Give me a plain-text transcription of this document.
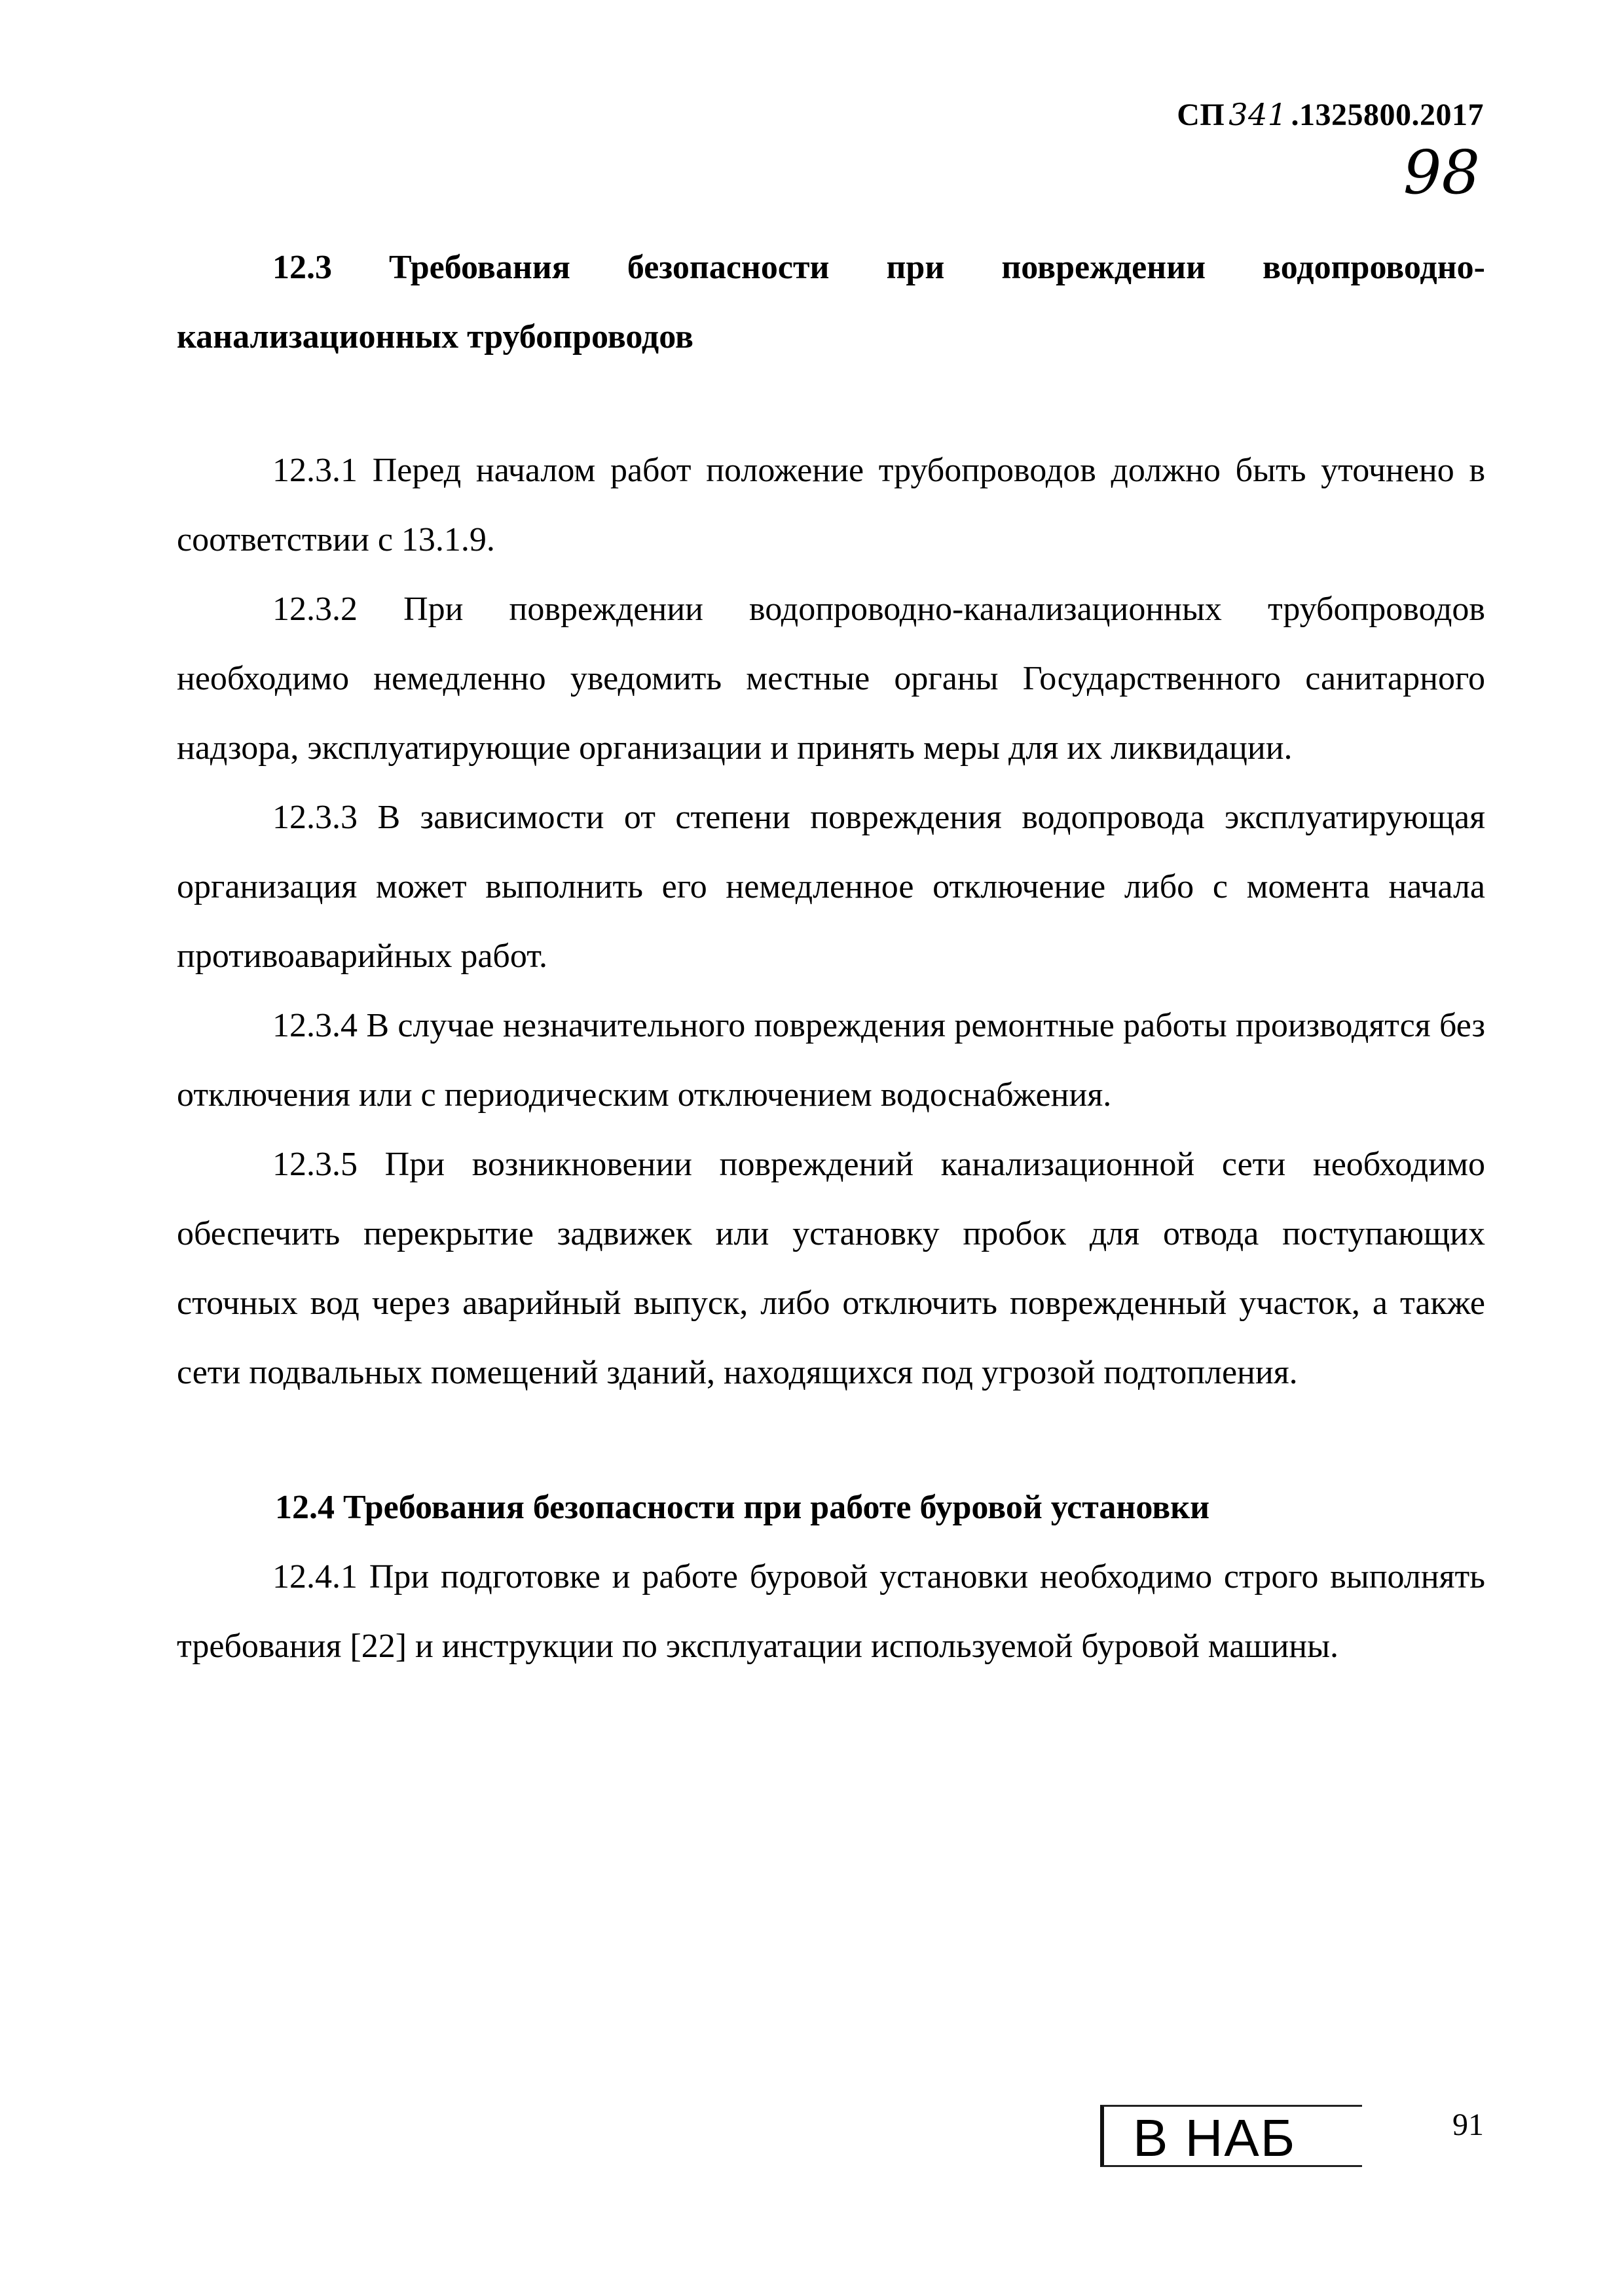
СП 341 .1325800.2017
98
12.3 Требования безопасности при повреждении водопроводно-канализационных трубопроводов

12.3.1 Перед началом работ положение трубопроводов должно быть уточнено в соответствии с 13.1.9.

12.3.2 При повреждении водопроводно-канализационных трубопроводов необходимо немедленно уведомить местные органы Государственного санитарного надзора, эксплуатирующие организации и принять меры для их ликвидации.

12.3.3 В зависимости от степени повреждения водопровода эксплуатирующая организация может выполнить его немедленное отключение либо с момента начала противоаварийных работ.

12.3.4 В случае незначительного повреждения ремонтные работы производятся без отключения или с периодическим отключением водоснабжения.

12.3.5 При возникновении повреждений канализационной сети необходимо обеспечить перекрытие задвижек или установку пробок для отвода поступающих сточных вод через аварийный выпуск, либо отключить поврежденный участок, а также сети подвальных помещений зданий, находящихся под угрозой подтопления.

12.4 Требования безопасности при работе буровой установки

12.4.1 При подготовке и работе буровой установки необходимо строго выполнять требования [22] и инструкции по эксплуатации используемой буровой машины.

В НАБ	91
